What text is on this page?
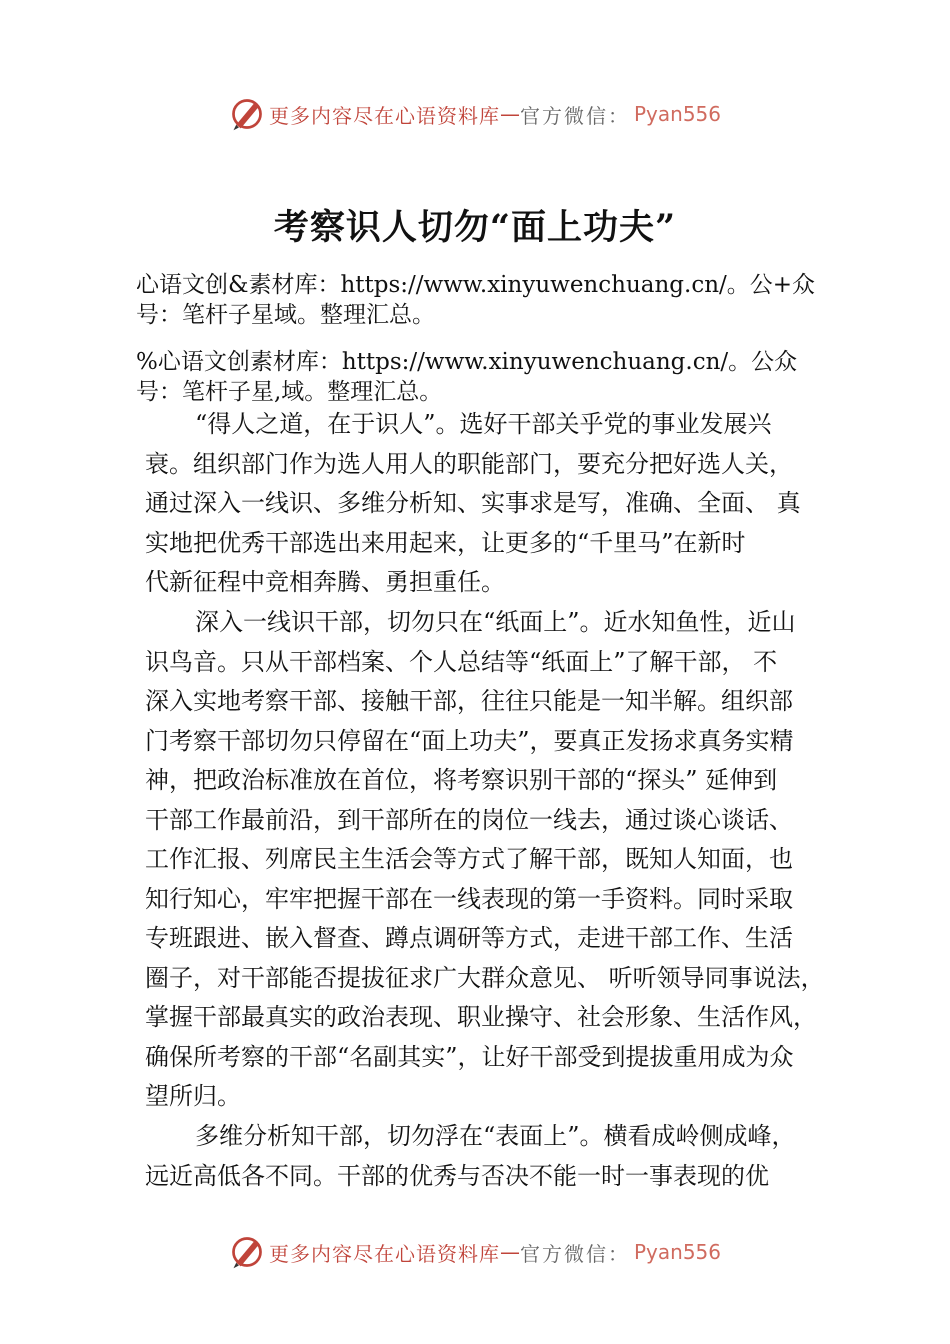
更多内容尽在心语资料库 — 官方微信： Pyan556
考察识人切勿“面上功夫”
心语文创&素材库：https://www.xinyuwenchuang.cn/。公+众
号：笔杆子星域。整理汇总。
%心语文创素材库：https://www.xinyuwenchuang.cn/。公众
号：笔杆子星,域。整理汇总。
“得人之道，在于识人”。选好干部关乎党的事业发展兴
衰。组织部门作为选人用人的职能部门，要充分把好选人关，
通过深入一线识、多维分析知、实事求是写，准确、全面、 真
实地把优秀干部选出来用起来，让更多的“千里马”在新时
代新征程中竞相奔腾、勇担重任。
深入一线识干部，切勿只在“纸面上”。近水知鱼性，近山
识鸟音。只从干部档案、个人总结等“纸面上”了解干部， 不
深入实地考察干部、接触干部，往往只能是一知半解。组织部
门考察干部切勿只停留在“面上功夫”，要真正发扬求真务实精
神，把政治标准放在首位，将考察识别干部的“探头” 延伸到
干部工作最前沿，到干部所在的岗位一线去，通过谈心谈话、
工作汇报、列席民主生活会等方式了解干部，既知人知面，也
知行知心，牢牢把握干部在一线表现的第一手资料。同时采取
专班跟进、嵌入督查、蹲点调研等方式，走进干部工作、生活
圈子，对干部能否提拔征求广大群众意见、 听听领导同事说法，
掌握干部最真实的政治表现、职业操守、社会形象、生活作风，
确保所考察的干部“名副其实”，让好干部受到提拔重用成为众
望所归。
多维分析知干部，切勿浮在“表面上”。横看成岭侧成峰，
远近高低各不同。干部的优秀与否决不能一时一事表现的优
更多内容尽在心语资料库 — 官方微信： Pyan556
